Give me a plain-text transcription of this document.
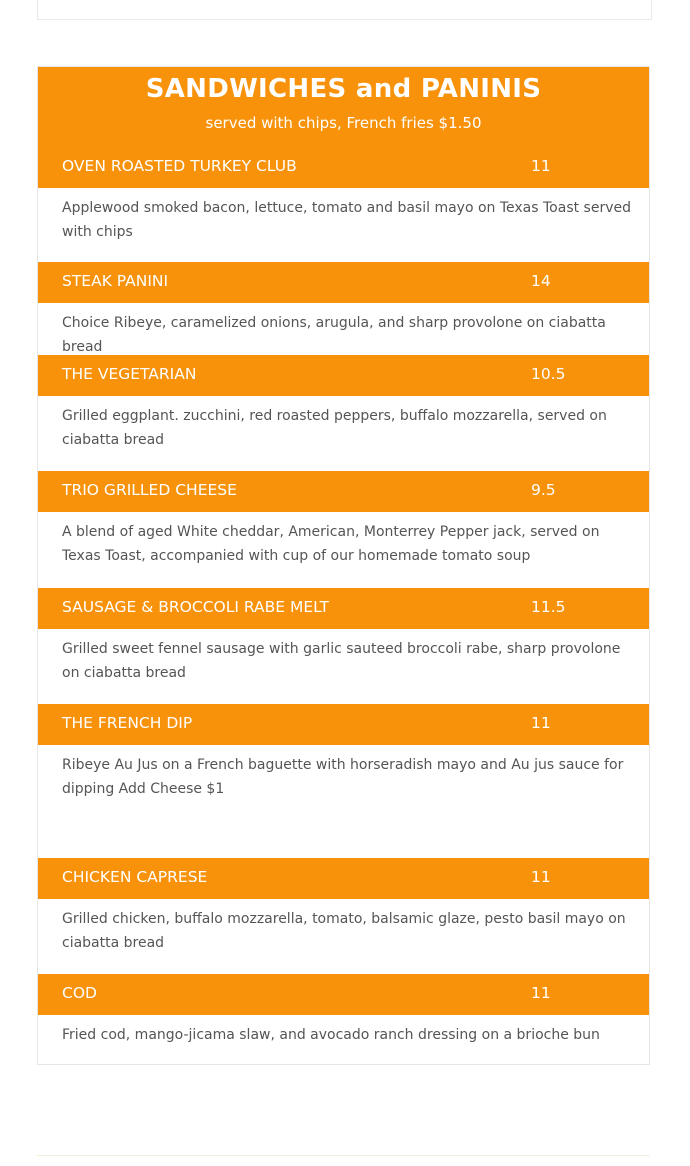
SANDWICHES and PANINIS
served with chips, French fries $1.50
OVEN ROASTED TURKEY CLUB	11
Applewood smoked bacon, lettuce, tomato and basil mayo on Texas Toast served with chips
STEAK PANINI	14
Choice Ribeye, caramelized onions, arugula, and sharp provolone on ciabatta bread
THE VEGETARIAN	10.5
Grilled eggplant. zucchini, red roasted peppers, buffalo mozzarella, served on ciabatta bread
TRIO GRILLED CHEESE	9.5
A blend of aged White cheddar, American, Monterrey Pepper jack, served on Texas Toast, accompanied with cup of our homemade tomato soup
SAUSAGE & BROCCOLI RABE MELT	11.5
Grilled sweet fennel sausage with garlic sauteed broccoli rabe, sharp provolone on ciabatta bread
THE FRENCH DIP	11
Ribeye Au Jus on a French baguette with horseradish mayo and Au jus sauce for dipping Add Cheese $1
CHICKEN CAPRESE	11
Grilled chicken, buffalo mozzarella, tomato, balsamic glaze, pesto basil mayo on ciabatta bread
COD	11
Fried cod, mango-jicama slaw, and avocado ranch dressing on a brioche bun
